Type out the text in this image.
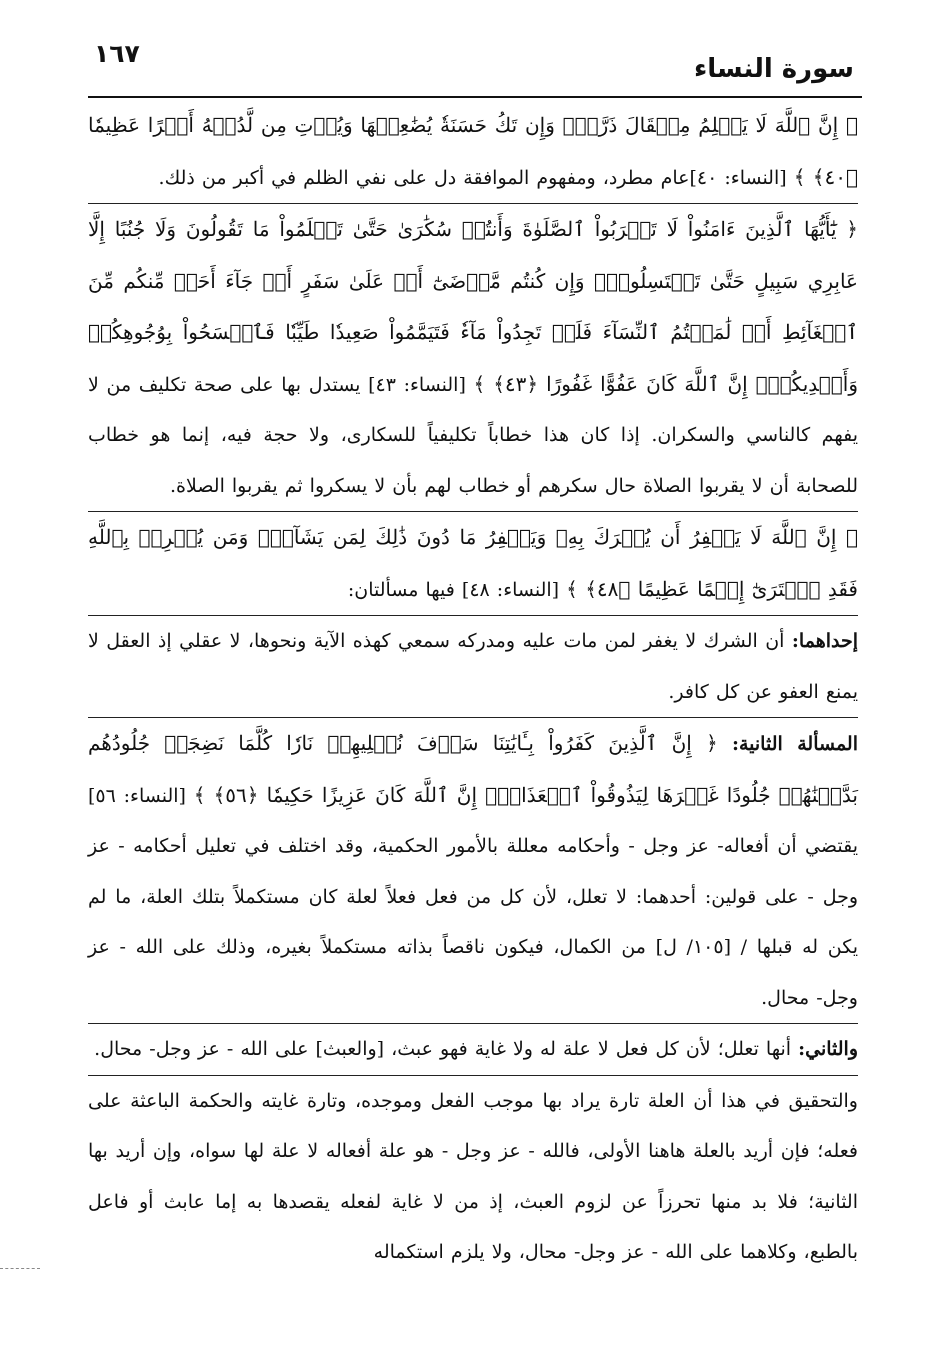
سورة النساء
١٦٧

﴿ إِنَّ ٱللَّهَ لَا يَظۡلِمُ مِثۡقَالَ ذَرَّةٖۖ وَإِن تَكُ حَسَنَةٗ يُضَٰعِفۡهَا وَيُؤۡتِ مِن لَّدُنۡهُ أَجۡرًا عَظِيمٗا ﴿٤٠﴾ ﴾ [النساء: ٤٠]عام مطرد، ومفهوم الموافقة دل على نفي الظلم في أكبر من ذلك.

﴿ يَٰٓأَيُّهَا ٱلَّذِينَ ءَامَنُواْ لَا تَقۡرَبُواْ ٱلصَّلَوٰةَ وَأَنتُمۡ سُكَٰرَىٰ حَتَّىٰ تَعۡلَمُواْ مَا تَقُولُونَ وَلَا جُنُبًا إِلَّا عَابِرِي سَبِيلٍ حَتَّىٰ تَغۡتَسِلُواْۚ وَإِن كُنتُم مَّرۡضَىٰٓ أَوۡ عَلَىٰ سَفَرٍ أَوۡ جَآءَ أَحَدٞ مِّنكُم مِّنَ ٱلۡغَآئِطِ أَوۡ لَٰمَسۡتُمُ ٱلنِّسَآءَ فَلَمۡ تَجِدُواْ مَآءٗ فَتَيَمَّمُواْ صَعِيدٗا طَيِّبٗا فَٱمۡسَحُواْ بِوُجُوهِكُمۡ وَأَيۡدِيكُمۡۗ إِنَّ ٱللَّهَ كَانَ عَفُوًّا غَفُورًا ﴿٤٣﴾ ﴾ [النساء: ٤٣] يستدل بها على صحة تكليف من لا يفهم كالناسي والسكران. إذا كان هذا خطاباً تكليفياً للسكارى، ولا حجة فيه، إنما هو خطاب للصحابة أن لا يقربوا الصلاة حال سكرهم أو خطاب لهم بأن لا يسكروا ثم يقربوا الصلاة.

﴿ إِنَّ ٱللَّهَ لَا يَغۡفِرُ أَن يُشۡرَكَ بِهِۦ وَيَغۡفِرُ مَا دُونَ ذَٰلِكَ لِمَن يَشَآءُۚ وَمَن يُشۡرِكۡ بِٱللَّهِ فَقَدِ ٱفۡتَرَىٰٓ إِثۡمًا عَظِيمًا ﴿٤٨﴾ ﴾ [النساء: ٤٨] فيها مسألتان:

إحداهما: أن الشرك لا يغفر لمن مات عليه ومدركه سمعي كهذه الآية ونحوها، لا عقلي إذ العقل لا يمنع العفو عن كل كافر.

المسألة الثانية: ﴿ إِنَّ ٱلَّذِينَ كَفَرُواْ بِـَٔايَٰتِنَا سَوۡفَ نُصۡلِيهِمۡ نَارٗا كُلَّمَا نَضِجَتۡ جُلُودُهُم بَدَّلۡنَٰهُمۡ جُلُودًا غَيۡرَهَا لِيَذُوقُواْ ٱلۡعَذَابَۗ إِنَّ ٱللَّهَ كَانَ عَزِيزًا حَكِيمٗا ﴿٥٦﴾ ﴾ [النساء: ٥٦] يقتضي أن أفعاله- عز وجل - وأحكامه معللة بالأمور الحكمية، وقد اختلف في تعليل أحكامه - عز وجل - على قولين: أحدهما: لا تعلل، لأن كل من فعل فعلاً لعلة كان مستكملاً بتلك العلة، ما لم يكن له قبلها / [١٠٥/ ل] من الكمال، فيكون ناقصاً بذاته مستكملاً بغيره، وذلك على الله - عز وجل- محال.

والثاني: أنها تعلل؛ لأن كل فعل لا علة له ولا غاية فهو عبث، [والعبث] على الله - عز وجل- محال.

والتحقيق في هذا أن العلة تارة يراد بها موجب الفعل وموجده، وتارة غايته والحكمة الباعثة على فعله؛ فإن أريد بالعلة هاهنا الأولى، فالله - عز وجل - هو علة أفعاله لا علة لها سواه، وإن أريد بها الثانية؛ فلا بد منها تحرزاً عن لزوم العبث، إذ من لا غاية لفعله يقصدها به إما عابث أو فاعل بالطبع، وكلاهما على الله - عز وجل- محال، ولا يلزم استكماله
